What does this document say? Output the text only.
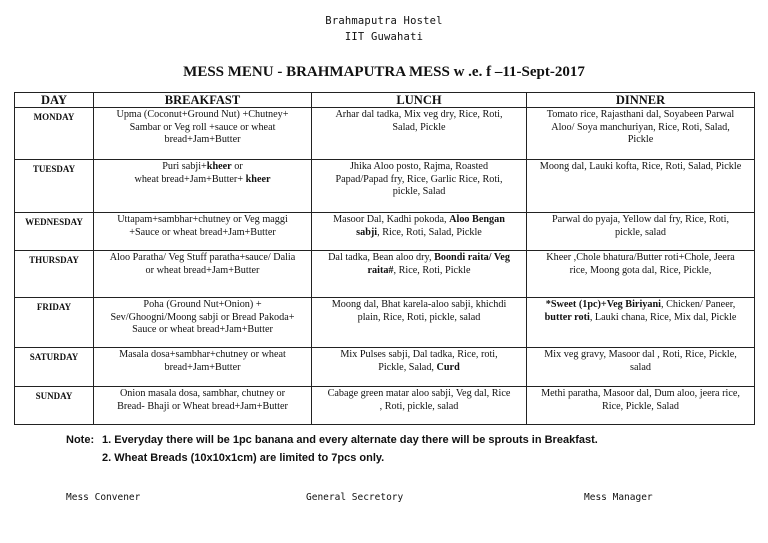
Brahmaputra Hostel
IIT Guwahati
MESS MENU - BRAHMAPUTRA MESS w .e. f –11-Sept-2017
DAY	BREAKFAST	LUNCH	DINNER
MONDAY	Upma (Coconut+Ground Nut) +Chutney+
Sambar or Veg roll +sauce or wheat
bread+Jam+Butter	Arhar dal tadka, Mix veg dry, Rice, Roti,
Salad, Pickle	Tomato rice, Rajasthani dal, Soyabeen Parwal
Aloo/ Soya manchuriyan, Rice, Roti, Salad,
Pickle
TUESDAY	Puri sabji+kheer or
wheat bread+Jam+Butter+ kheer	Jhika Aloo posto, Rajma, Roasted
Papad/Papad fry, Rice, Garlic Rice, Roti,
pickle, Salad	Moong dal, Lauki kofta, Rice, Roti, Salad, Pickle
WEDNESDAY	Uttapam+sambhar+chutney or Veg maggi
+Sauce or wheat bread+Jam+Butter	Masoor Dal, Kadhi pokoda, Aloo Bengan
sabji, Rice, Roti, Salad, Pickle	Parwal do pyaja, Yellow dal fry, Rice, Roti,
pickle, salad
THURSDAY	Aloo Paratha/ Veg Stuff paratha+sauce/ Dalia
or wheat bread+Jam+Butter	Dal tadka, Bean aloo dry, Boondi raita/ Veg
raita#, Rice, Roti, Pickle	Kheer ,Chole bhatura/Butter roti+Chole, Jeera
rice, Moong gota dal, Rice, Pickle,
FRIDAY	Poha (Ground Nut+Onion) +
Sev/Ghoogni/Moong sabji or Bread Pakoda+
Sauce or wheat bread+Jam+Butter	Moong dal, Bhat karela-aloo sabji, khichdi
plain, Rice, Roti, pickle, salad	*Sweet (1pc)+Veg Biriyani, Chicken/ Paneer,
butter roti, Lauki chana, Rice, Mix dal, Pickle
SATURDAY	Masala dosa+sambhar+chutney or wheat
bread+Jam+Butter	Mix Pulses sabji, Dal tadka, Rice, roti,
Pickle, Salad, Curd	Mix veg gravy, Masoor dal , Roti, Rice, Pickle,
salad
SUNDAY	Onion masala dosa, sambhar, chutney or
Bread- Bhaji or Wheat bread+Jam+Butter	Cabage green matar aloo sabji, Veg dal, Rice
, Roti, pickle, salad	Methi paratha, Masoor dal, Dum aloo, jeera rice,
Rice, Pickle, Salad
Note: 1. Everyday there will be 1pc banana and every alternate day there will be sprouts in Breakfast.
2. Wheat Breads (10x10x1cm) are limited to 7pcs only.
Mess Convener	General Secretory	Mess Manager
